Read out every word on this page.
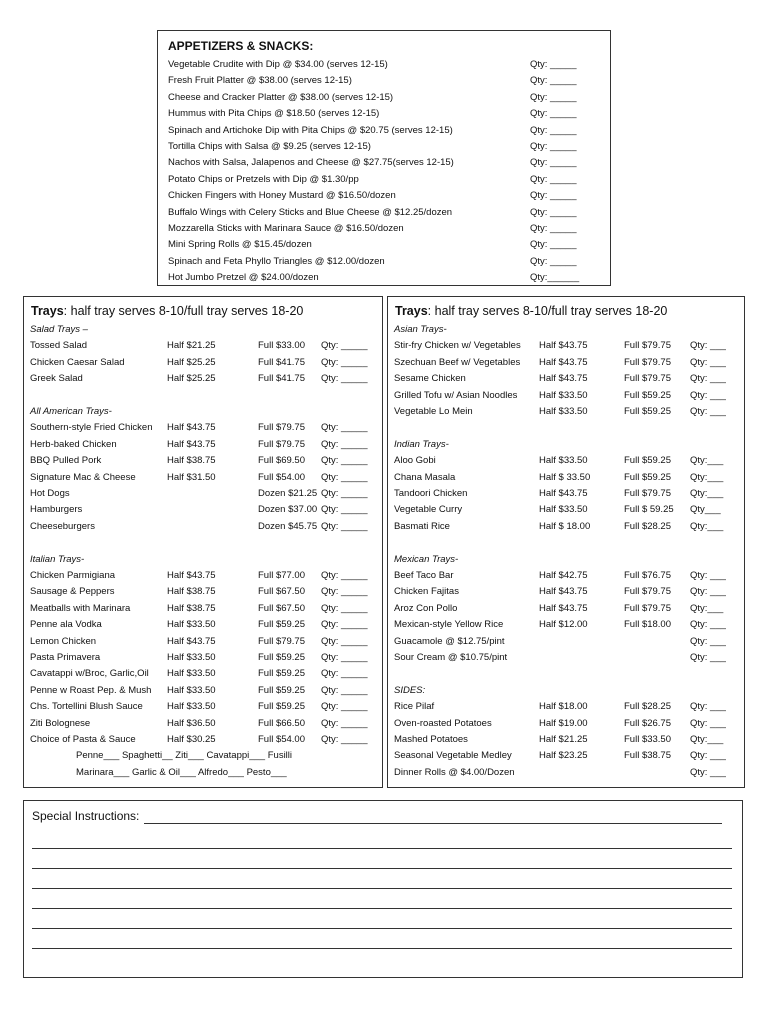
APPETIZERS & SNACKS:
Vegetable Crudite with Dip @ $34.00 (serves 12-15)	Qty: _____
Fresh Fruit Platter @ $38.00 (serves 12-15)	Qty: _____
Cheese and Cracker Platter @ $38.00 (serves 12-15)	Qty: _____
Hummus with Pita Chips @ $18.50 (serves 12-15)	Qty: _____
Spinach and Artichoke Dip with Pita Chips @ $20.75 (serves 12-15)	Qty: _____
Tortilla Chips with Salsa @ $9.25 (serves 12-15)	Qty: _____
Nachos with Salsa, Jalapenos and Cheese @ $27.75(serves 12-15)	Qty: _____
Potato Chips or Pretzels with Dip @ $1.30/pp	Qty: _____
Chicken Fingers with Honey Mustard @ $16.50/dozen	Qty: _____
Buffalo Wings with Celery Sticks and Blue Cheese @ $12.25/dozen	Qty: _____
Mozzarella Sticks with Marinara Sauce @ $16.50/dozen	Qty: _____
Mini Spring Rolls @ $15.45/dozen	Qty: _____
Spinach and Feta Phyllo Triangles @ $12.00/dozen	Qty: _____
Hot Jumbo Pretzel @ $24.00/dozen	Qty:______
Trays: half tray serves 8-10/full tray serves 18-20
Salad Trays –
Tossed Salad	Half $21.25	Full $33.00 Qty: _____
Chicken Caesar Salad	Half $25.25	Full $41.75 Qty: _____
Greek Salad	Half $25.25	Full $41.75 Qty: _____
All American Trays-
Southern-style Fried Chicken Half $43.75	Full $79.75 Qty: _____
Herb-baked Chicken	Half $43.75	Full $79.75 Qty: _____
BBQ Pulled Pork	Half $38.75	Full $69.50 Qty: _____
Signature Mac & Cheese	Half $31.50	Full $54.00 Qty: _____
Hot Dogs	Dozen $21.25 Qty: _____
Hamburgers	Dozen $37.00 Qty: _____
Cheeseburgers	Dozen $45.75 Qty: _____
Italian Trays-
Chicken Parmigiana	Half $43.75	Full $77.00 Qty: _____
Sausage & Peppers	Half $38.75	Full $67.50 Qty: _____
Meatballs with Marinara	Half $38.75	Full $67.50 Qty: _____
Penne ala Vodka	Half $33.50	Full $59.25 Qty: _____
Lemon Chicken	Half $43.75	Full $79.75 Qty: _____
Pasta Primavera	Half $33.50	Full $59.25 Qty: _____
Cavatappi w/Broc, Garlic,Oil Half $33.50	Full $59.25 Qty: _____
Penne w Roast Pep. & Mush Half $33.50	Full $59.25 Qty: _____
Chs. Tortellini Blush Sauce	Half $33.50	Full $59.25 Qty: _____
Ziti Bolognese	Half $36.50	Full $66.50 Qty: _____
Choice of Pasta & Sauce	Half $30.25	Full $54.00 Qty: _____
Penne___ Spaghetti__ Ziti___ Cavatappi___ Fusilli
Marinara___ Garlic & Oil___ Alfredo___ Pesto___
Trays: half tray serves 8-10/full tray serves 18-20
Asian Trays-
Stir-fry Chicken w/ Vegetables Half $43.75	Full $79.75 Qty: ___
Szechuan Beef w/ Vegetables Half $43.75	Full $79.75 Qty: ___
Sesame Chicken	Half $43.75	Full $79.75 Qty: ___
Grilled Tofu w/ Asian Noodles Half $33.50	Full $59.25 Qty: ___
Vegetable Lo Mein	Half $33.50	Full $59.25 Qty: ___
Indian Trays-
Aloo Gobi	Half $33.50	Full $59.25 Qty:___
Chana Masala	Half $ 33.50	Full $59.25 Qty:___
Tandoori Chicken	Half $43.75	Full $79.75 Qty:___
Vegetable Curry	Half $33.50	Full $ 59.25 Qty___
Basmati Rice	Half $ 18.00	Full $28.25 Qty:___
Mexican Trays-
Beef Taco Bar	Half $42.75	Full $76.75 Qty: ___
Chicken Fajitas	Half $43.75	Full $79.75 Qty: ___
Aroz Con Pollo	Half $43.75	Full $79.75 Qty:___
Mexican-style Yellow Rice	Half $12.00	Full $18.00 Qty: ___
Guacamole @ $12.75/pint	Qty: ___
Sour Cream @ $10.75/pint	Qty: ___
SIDES:
Rice Pilaf	Half $18.00	Full $28.25 Qty: ___
Oven-roasted Potatoes	Half $19.00	Full $26.75 Qty: ___
Mashed Potatoes	Half $21.25	Full $33.50 Qty:___
Seasonal Vegetable Medley	Half $23.25	Full $38.75 Qty: ___
Dinner Rolls @ $4.00/Dozen	Qty: ___
Special Instructions:
